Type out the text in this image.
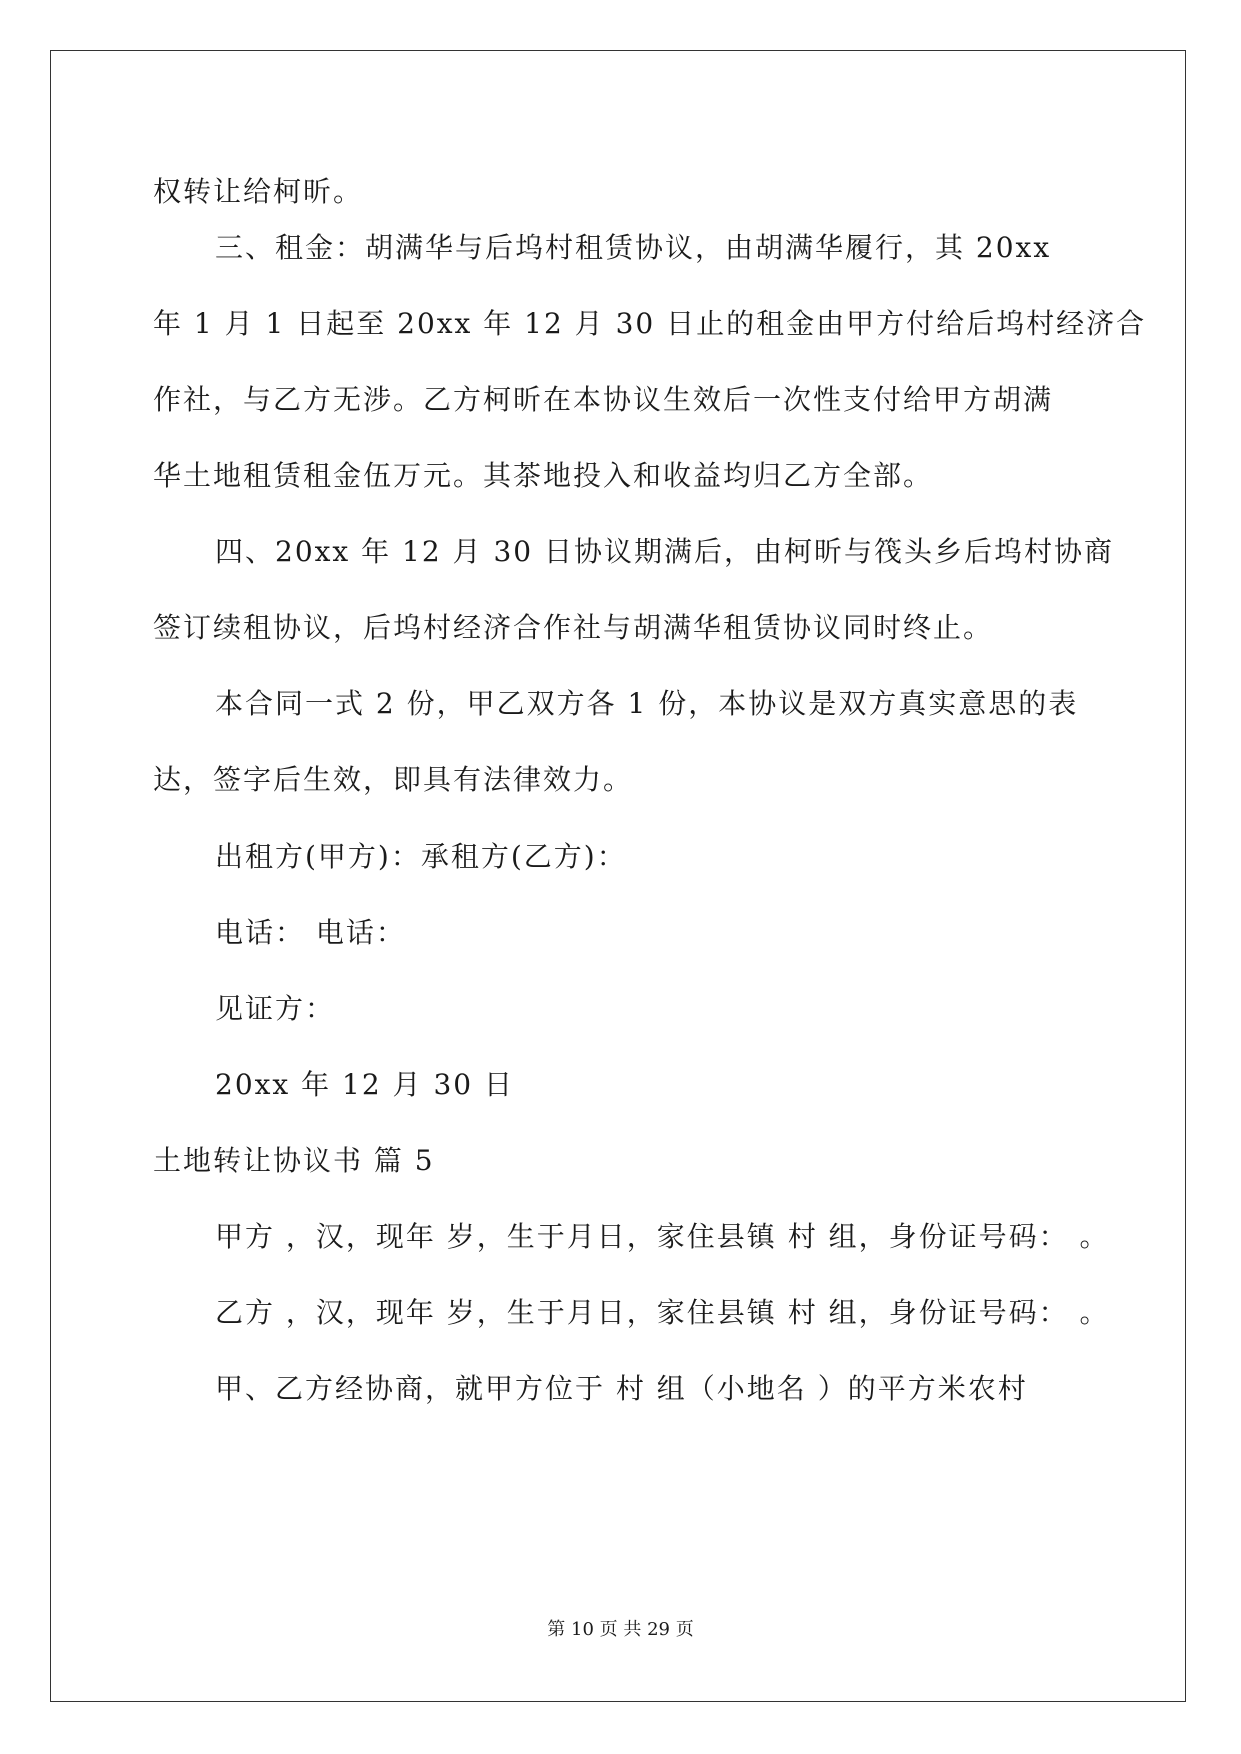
权转让给柯昕。
三、租金：胡满华与后坞村租赁协议，由胡满华履行，其 20xx
年 1 月 1 日起至 20xx 年 12 月 30 日止的租金由甲方付给后坞村经济合
作社，与乙方无涉。乙方柯昕在本协议生效后一次性支付给甲方胡满
华土地租赁租金伍万元。其茶地投入和收益均归乙方全部。
四、20xx 年 12 月 30 日协议期满后，由柯昕与筏头乡后坞村协商
签订续租协议，后坞村经济合作社与胡满华租赁协议同时终止。
本合同一式 2 份，甲乙双方各 1 份，本协议是双方真实意思的表
达，签字后生效，即具有法律效力。
出租方(甲方)：承租方(乙方)：
电话： 电话：
见证方：
20xx 年 12 月 30 日
土地转让协议书 篇 5
甲方 ，汉，现年 岁，生于月日，家住县镇 村 组，身份证号码： 。
乙方 ，汉，现年 岁，生于月日，家住县镇 村 组，身份证号码： 。
甲、乙方经协商，就甲方位于 村 组（小地名 ）的平方米农村
第 10 页 共 29 页
